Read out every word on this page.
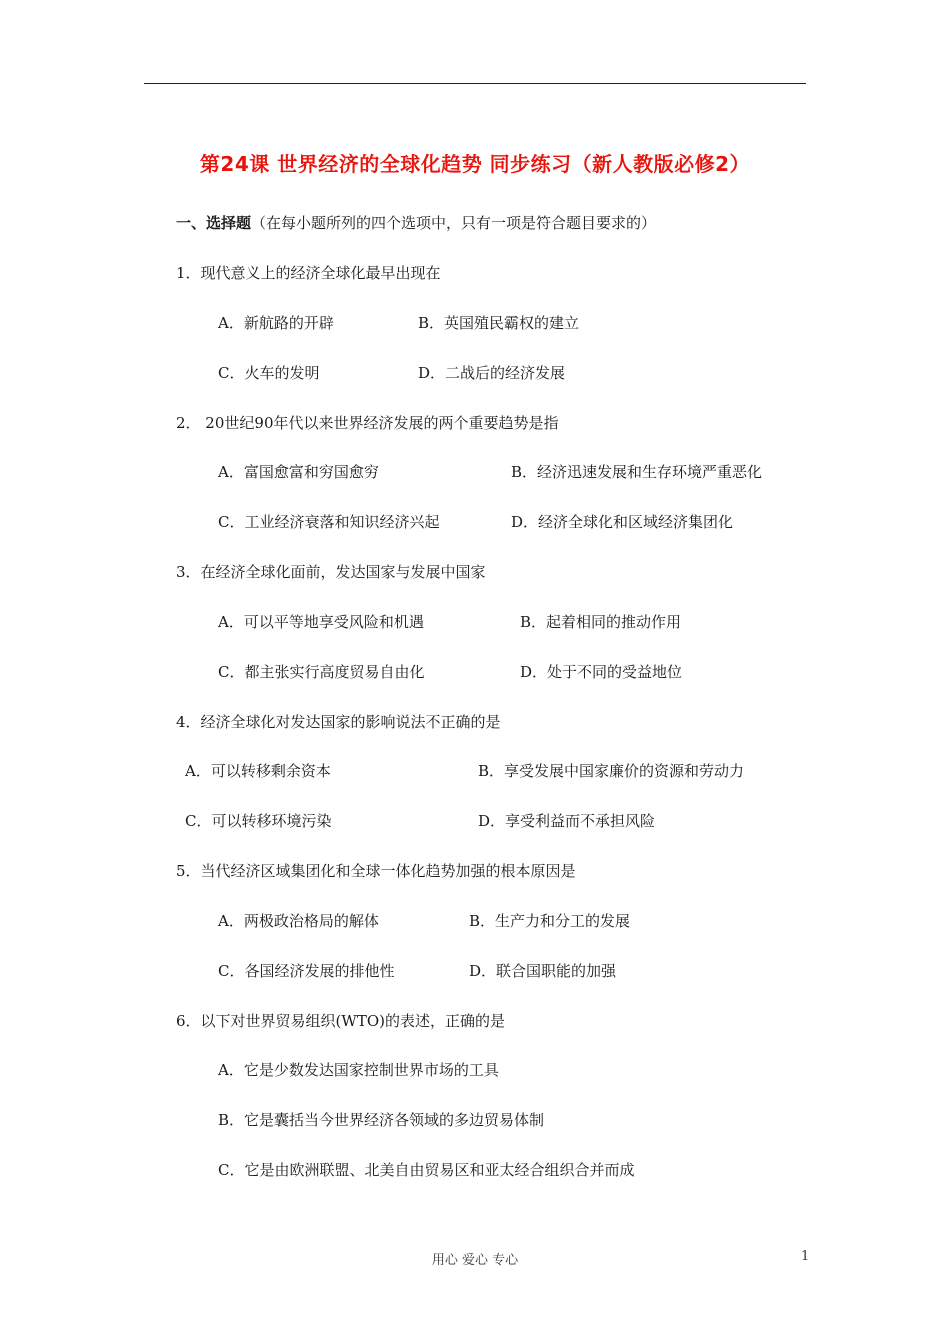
第24课 世界经济的全球化趋势 同步练习（新人教版必修2）
一、选择题（在每小题所列的四个选项中，只有一项是符合题目要求的）
1．现代意义上的经济全球化最早出现在
A．新航路的开辟	B．英国殖民霸权的建立
C．火车的发明	D．二战后的经济发展
2． 20世纪90年代以来世界经济发展的两个重要趋势是指
A．富国愈富和穷国愈穷	B．经济迅速发展和生存环境严重恶化
C．工业经济衰落和知识经济兴起	D．经济全球化和区域经济集团化
3．在经济全球化面前，发达国家与发展中国家
A．可以平等地享受风险和机遇	B．起着相同的推动作用
C．都主张实行高度贸易自由化	D．处于不同的受益地位
4．经济全球化对发达国家的影响说法不正确的是
A．可以转移剩余资本	B．享受发展中国家廉价的资源和劳动力
C．可以转移环境污染	D．享受利益而不承担风险
5．当代经济区域集团化和全球一体化趋势加强的根本原因是
A．两极政治格局的解体	B．生产力和分工的发展
C．各国经济发展的排他性	D．联合国职能的加强
6．以下对世界贸易组织(WTO)的表述，正确的是
A．它是少数发达国家控制世界市场的工具
B．它是囊括当今世界经济各领域的多边贸易体制
C．它是由欧洲联盟、北美自由贸易区和亚太经合组织合并而成
用心 爱心 专心	1
